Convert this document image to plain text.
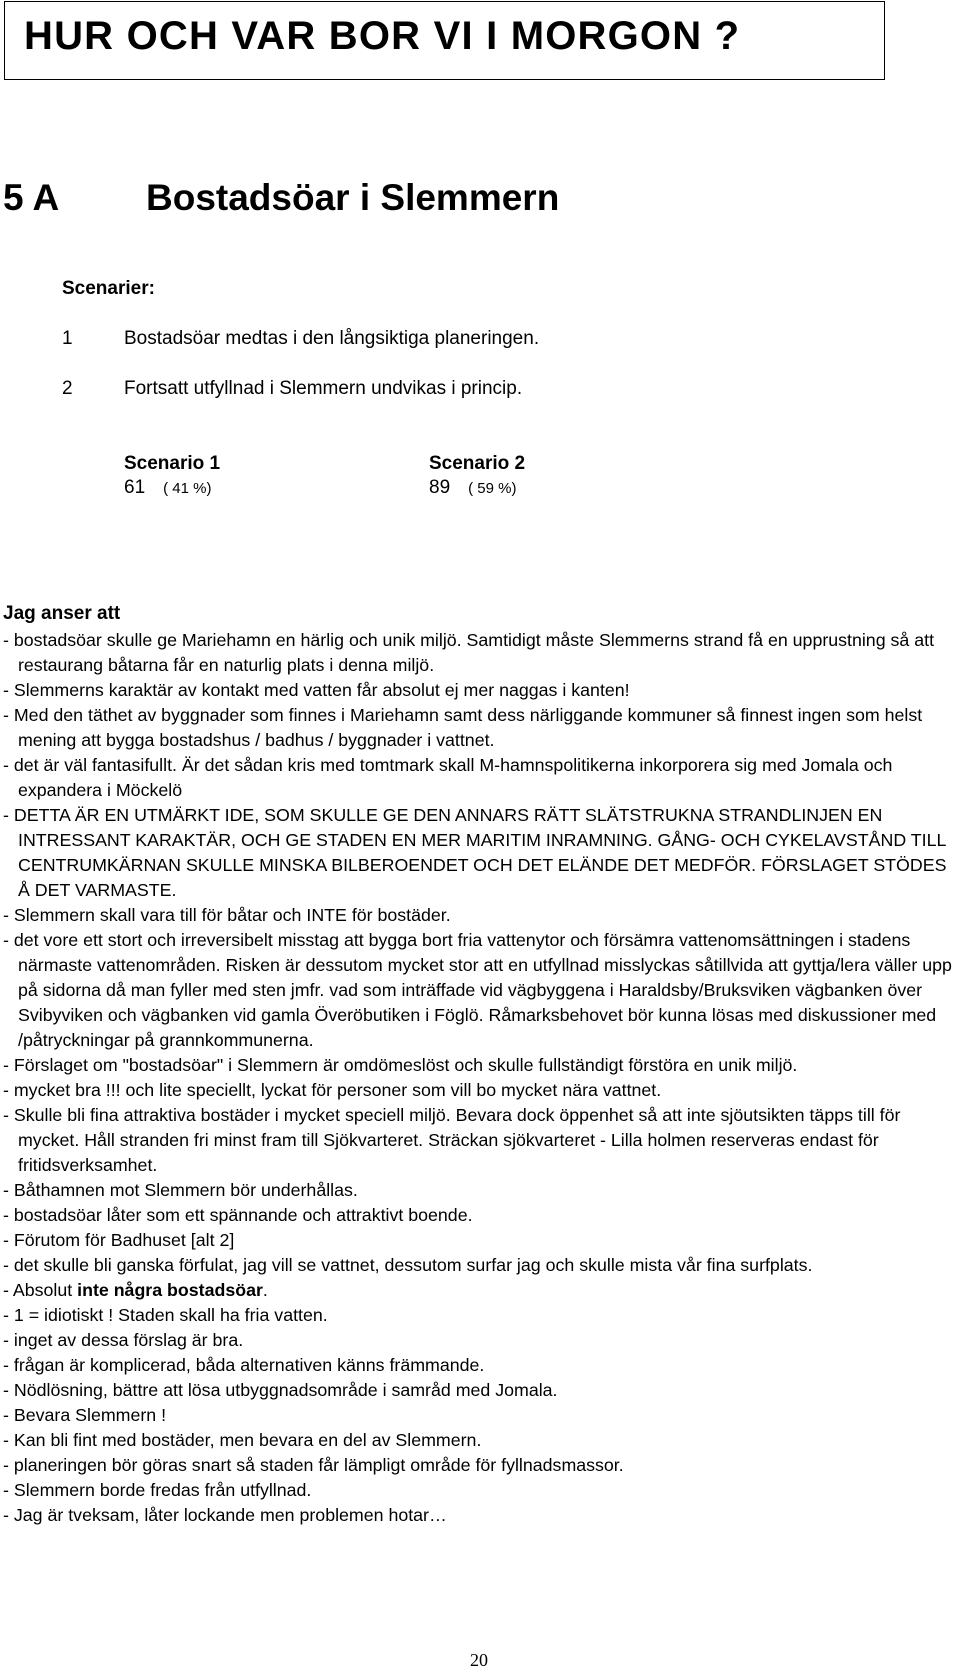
HUR OCH VAR BOR VI I MORGON ?
5 A Bostadsöar i Slemmern
Scenarier:
1	Bostadsöar medtas i den långsiktiga planeringen.
2	Fortsatt utfyllnad i Slemmern undvikas i princip.
Scenario 1	Scenario 2
61 ( 41 %)	89 ( 59 %)
Jag anser att
- bostadsöar skulle ge Mariehamn en härlig och unik miljö. Samtidigt måste Slemmerns strand få en upprustning så att restaurang båtarna får en naturlig plats i denna miljö.
- Slemmerns karaktär av kontakt med vatten får absolut ej mer naggas i kanten!
- Med den täthet av byggnader som finnes i Mariehamn samt dess närliggande kommuner så finnest ingen som helst mening att bygga bostadshus / badhus / byggnader i vattnet.
- det är väl fantasifullt. Är det sådan kris med tomtmark skall M-hamnspolitikerna inkorporera sig med Jomala och expandera i Möckelö
- DETTA ÄR EN UTMÄRKT IDE, SOM SKULLE GE DEN ANNARS RÄTT SLÄTSTRUKNA STRANDLINJEN EN INTRESSANT KARAKTÄR, OCH GE STADEN EN MER MARITIM INRAMNING. GÅNG- OCH CYKELAVSTÅND TILL CENTRUMKÄRNAN SKULLE MINSKA BILBEROENDET OCH DET ELÄNDE DET MEDFÖR. FÖRSLAGET STÖDES Å DET VARMASTE.
- Slemmern skall vara till för båtar och INTE för bostäder.
- det vore ett stort och irreversibelt misstag att bygga bort fria vattenytor och försämra vattenomsättningen i stadens närmaste vattenområden. Risken är dessutom mycket stor att en utfyllnad misslyckas såtillvida att gyttja/lera väller upp på sidorna då man fyller med sten jmfr. vad som inträffade vid vägbyggena i Haraldsby/Bruksviken vägbanken över Svibyviken och vägbanken vid gamla Överöbutiken i Föglö. Råmarksbehovet bör kunna lösas med diskussioner med /påtryckningar på grannkommunerna.
- Förslaget om "bostadsöar" i Slemmern är omdömeslöst och skulle fullständigt förstöra en unik miljö.
- mycket bra !!! och lite speciellt, lyckat för personer som vill bo mycket nära vattnet.
- Skulle bli fina attraktiva bostäder i mycket speciell miljö. Bevara dock öppenhet så att inte sjöutsikten täpps till för mycket. Håll stranden fri minst fram till Sjökvarteret. Sträckan sjökvarteret - Lilla holmen reserveras endast för fritidsverksamhet.
- Båthamnen mot Slemmern bör underhållas.
- bostadsöar låter som ett spännande och attraktivt boende.
- Förutom för Badhuset [alt 2]
- det skulle bli ganska förfulat, jag vill se vattnet, dessutom surfar jag och skulle mista vår fina surfplats.
- Absolut inte några bostadsöar.
- 1 = idiotiskt ! Staden skall ha fria vatten.
- inget av dessa förslag är bra.
- frågan är komplicerad, båda alternativen känns främmande.
- Nödlösning, bättre att lösa utbyggnadsområde i samråd med Jomala.
- Bevara Slemmern !
- Kan bli fint med bostäder, men bevara en del av Slemmern.
- planeringen bör göras snart så staden får lämpligt område för fyllnadsmassor.
- Slemmern borde fredas från utfyllnad.
- Jag är tveksam, låter lockande men problemen hotar…
20
